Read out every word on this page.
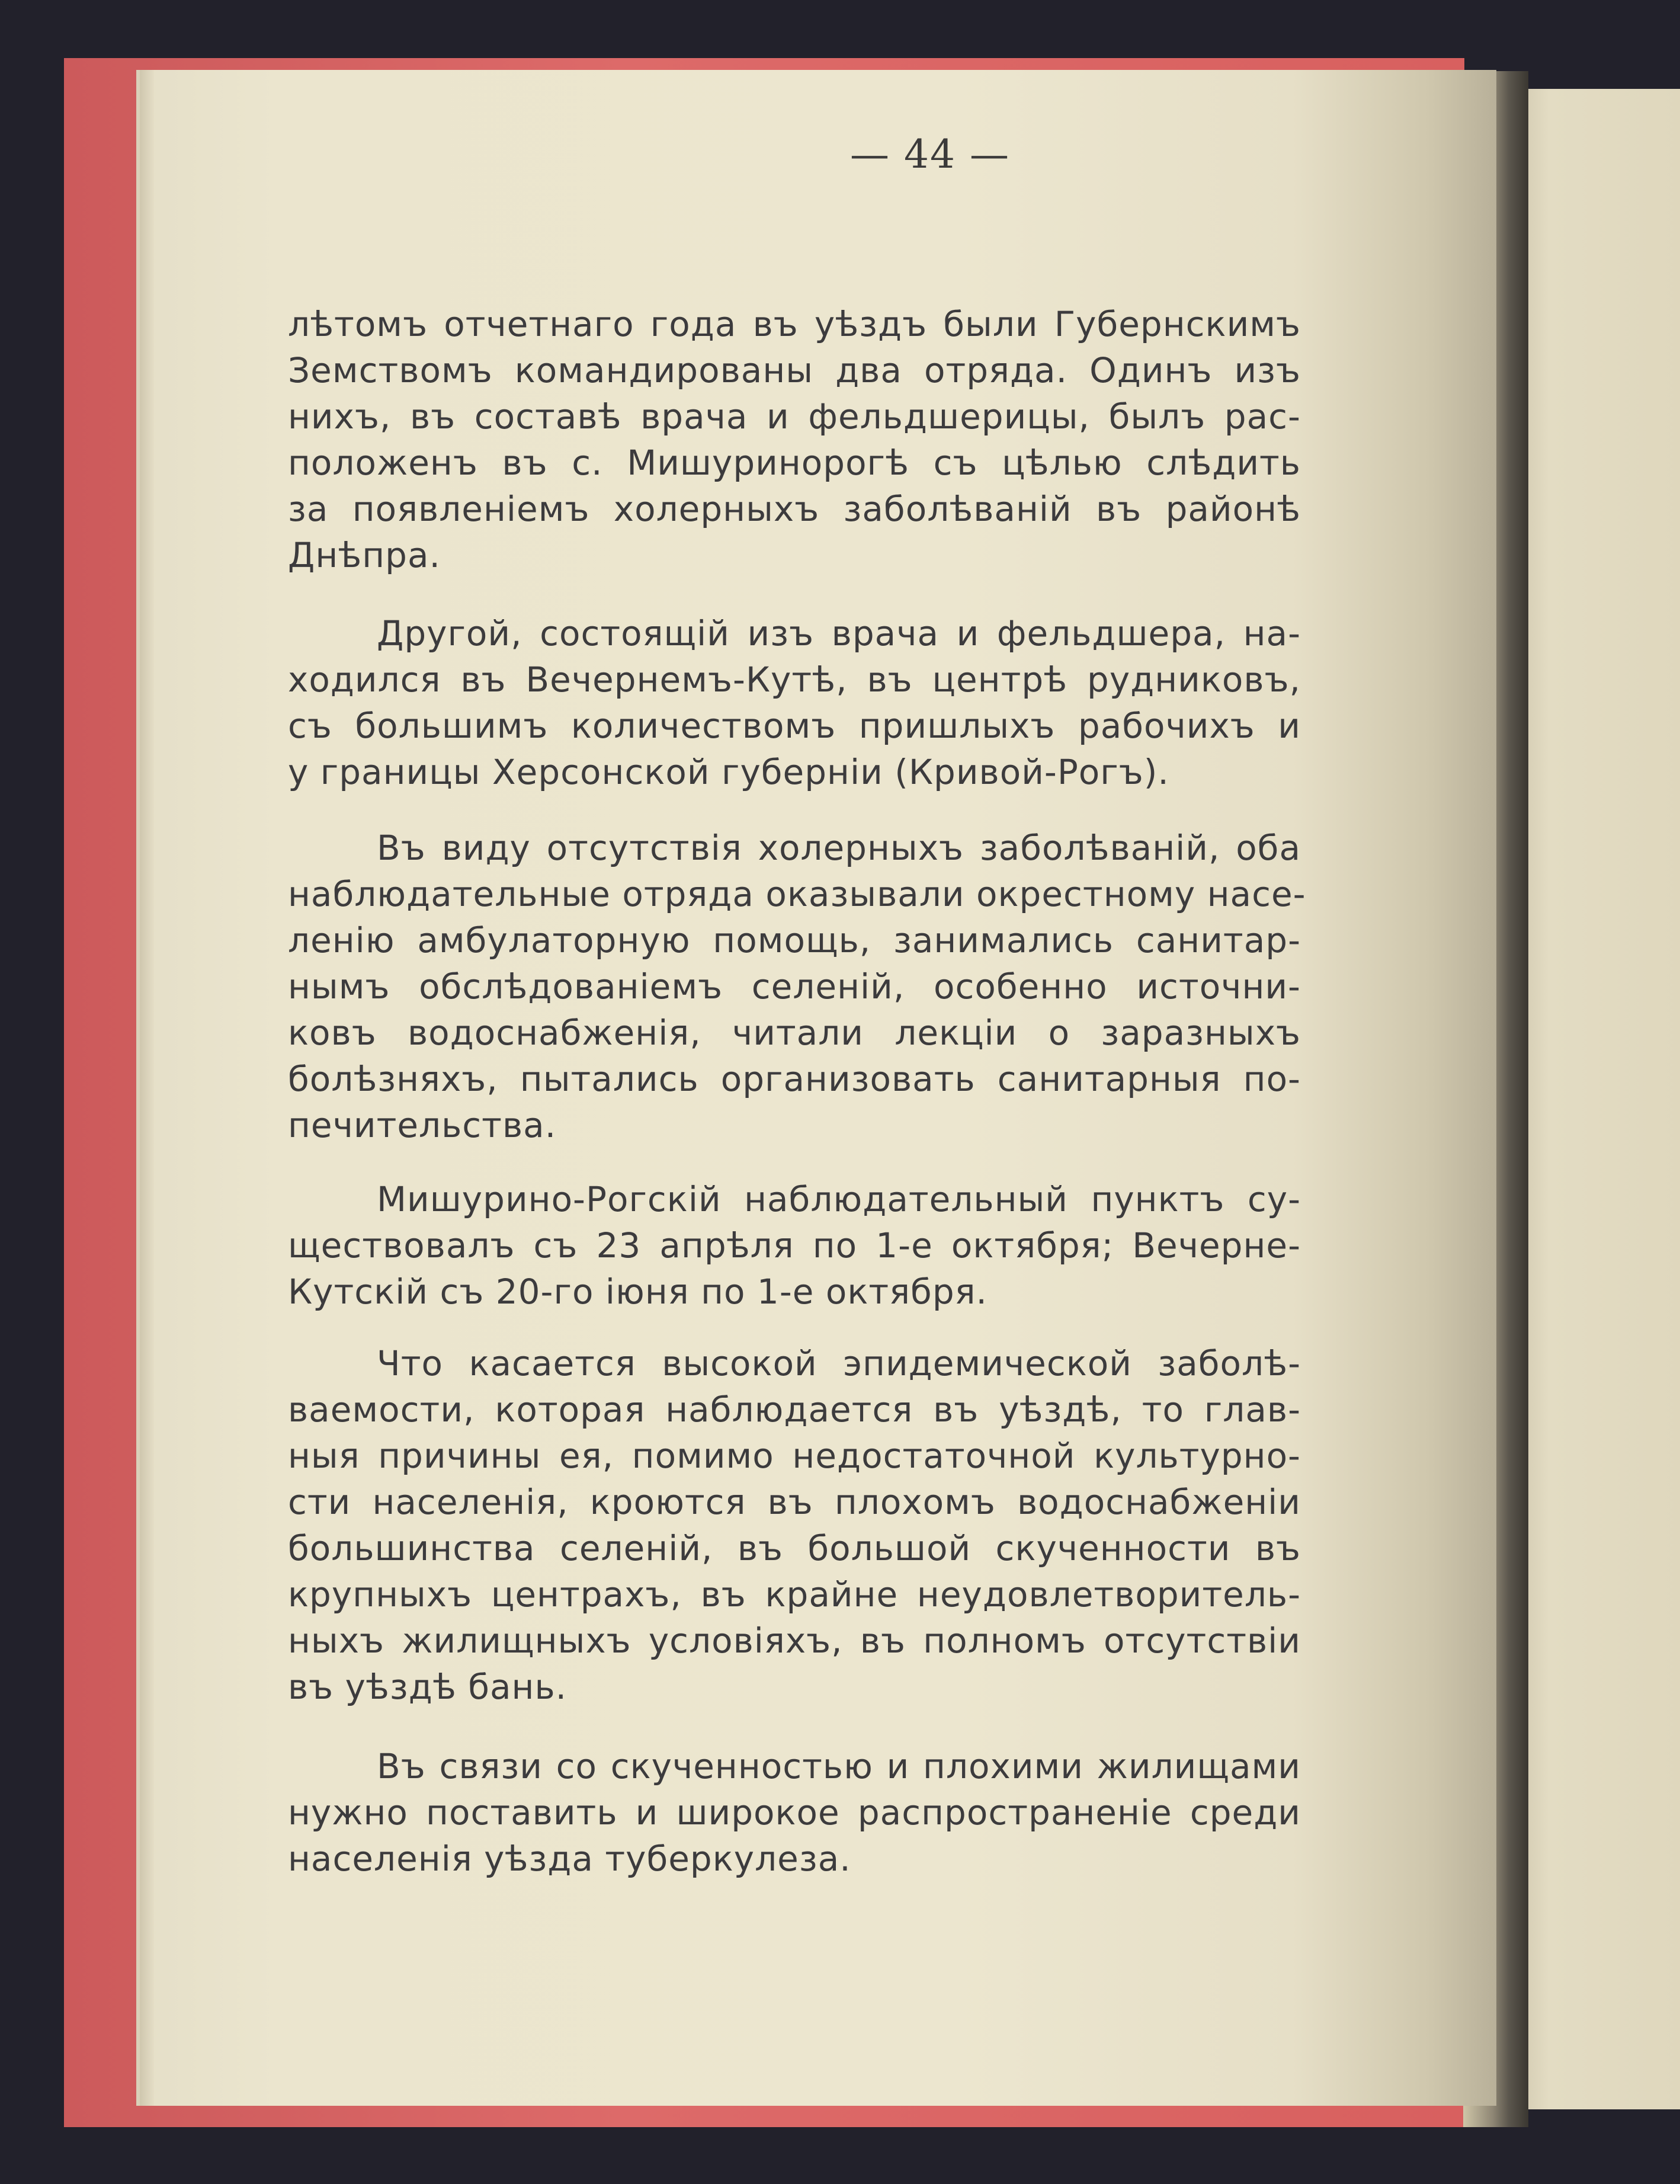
— 44 —
лѣтомъ отчетнаго года въ уѣздъ были Губернскимъ
Земствомъ командированы два отряда. Одинъ изъ
нихъ, въ составѣ врача и фельдшерицы, былъ рас-
положенъ въ с. Мишуринорогѣ съ цѣлью слѣдить
за появленіемъ холерныхъ заболѣваній въ районѣ
Днѣпра.
Другой, состоящій изъ врача и фельдшера, на-
ходился въ Вечернемъ-Кутѣ, въ центрѣ рудниковъ,
съ большимъ количествомъ пришлыхъ рабочихъ и
у границы Херсонской губерніи (Кривой-Рогъ).
Въ виду отсутствія холерныхъ заболѣваній, оба
наблюдательные отряда оказывали окрестному насе-
ленію амбулаторную помощь, занимались санитар-
нымъ обслѣдованіемъ селеній, особенно источни-
ковъ водоснабженія, читали лекціи о заразныхъ
болѣзняхъ, пытались организовать санитарныя по-
печительства.
Мишурино-Рогскій наблюдательный пунктъ су-
ществовалъ съ 23 апрѣля по 1-е октября; Вечерне-
Кутскій съ 20-го іюня по 1-е октября.
Что касается высокой эпидемической заболѣ-
ваемости, которая наблюдается въ уѣздѣ, то глав-
ныя причины ея, помимо недостаточной культурно-
сти населенія, кроются въ плохомъ водоснабженіи
большинства селеній, въ большой скученности въ
крупныхъ центрахъ, въ крайне неудовлетворитель-
ныхъ жилищныхъ условіяхъ, въ полномъ отсутствіи
въ уѣздѣ бань.
Въ связи со скученностью и плохими жилищами
нужно поставить и широкое распространеніе среди
населенія уѣзда туберкулеза.
